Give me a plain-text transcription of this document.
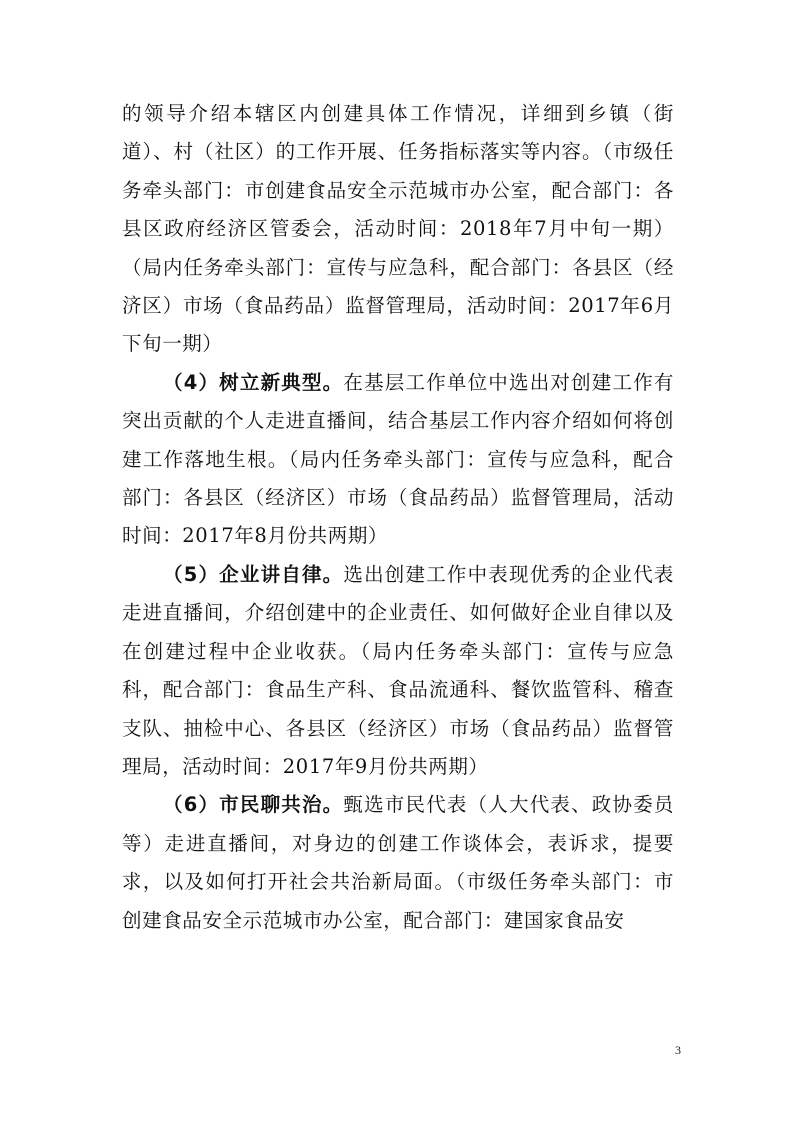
的领导介绍本辖区内创建具体工作情况，详细到乡镇（街道）、村（社区）的工作开展、任务指标落实等内容。（市级任务牵头部门：市创建食品安全示范城市办公室，配合部门：各县区政府经济区管委会，活动时间：2018年7月中旬一期）（局内任务牵头部门：宣传与应急科，配合部门：各县区（经济区）市场（食品药品）监督管理局，活动时间：2017年6月下旬一期）

（4）树立新典型。在基层工作单位中选出对创建工作有突出贡献的个人走进直播间，结合基层工作内容介绍如何将创建工作落地生根。（局内任务牵头部门：宣传与应急科，配合部门：各县区（经济区）市场（食品药品）监督管理局，活动时间：2017年8月份共两期）

（5）企业讲自律。选出创建工作中表现优秀的企业代表走进直播间，介绍创建中的企业责任、如何做好企业自律以及在创建过程中企业收获。（局内任务牵头部门：宣传与应急科，配合部门：食品生产科、食品流通科、餐饮监管科、稽查支队、抽检中心、各县区（经济区）市场（食品药品）监督管理局，活动时间：2017年9月份共两期）

（6）市民聊共治。甄选市民代表（人大代表、政协委员等）走进直播间，对身边的创建工作谈体会，表诉求，提要求，以及如何打开社会共治新局面。（市级任务牵头部门：市创建食品安全示范城市办公室，配合部门：建国家食品安

3
